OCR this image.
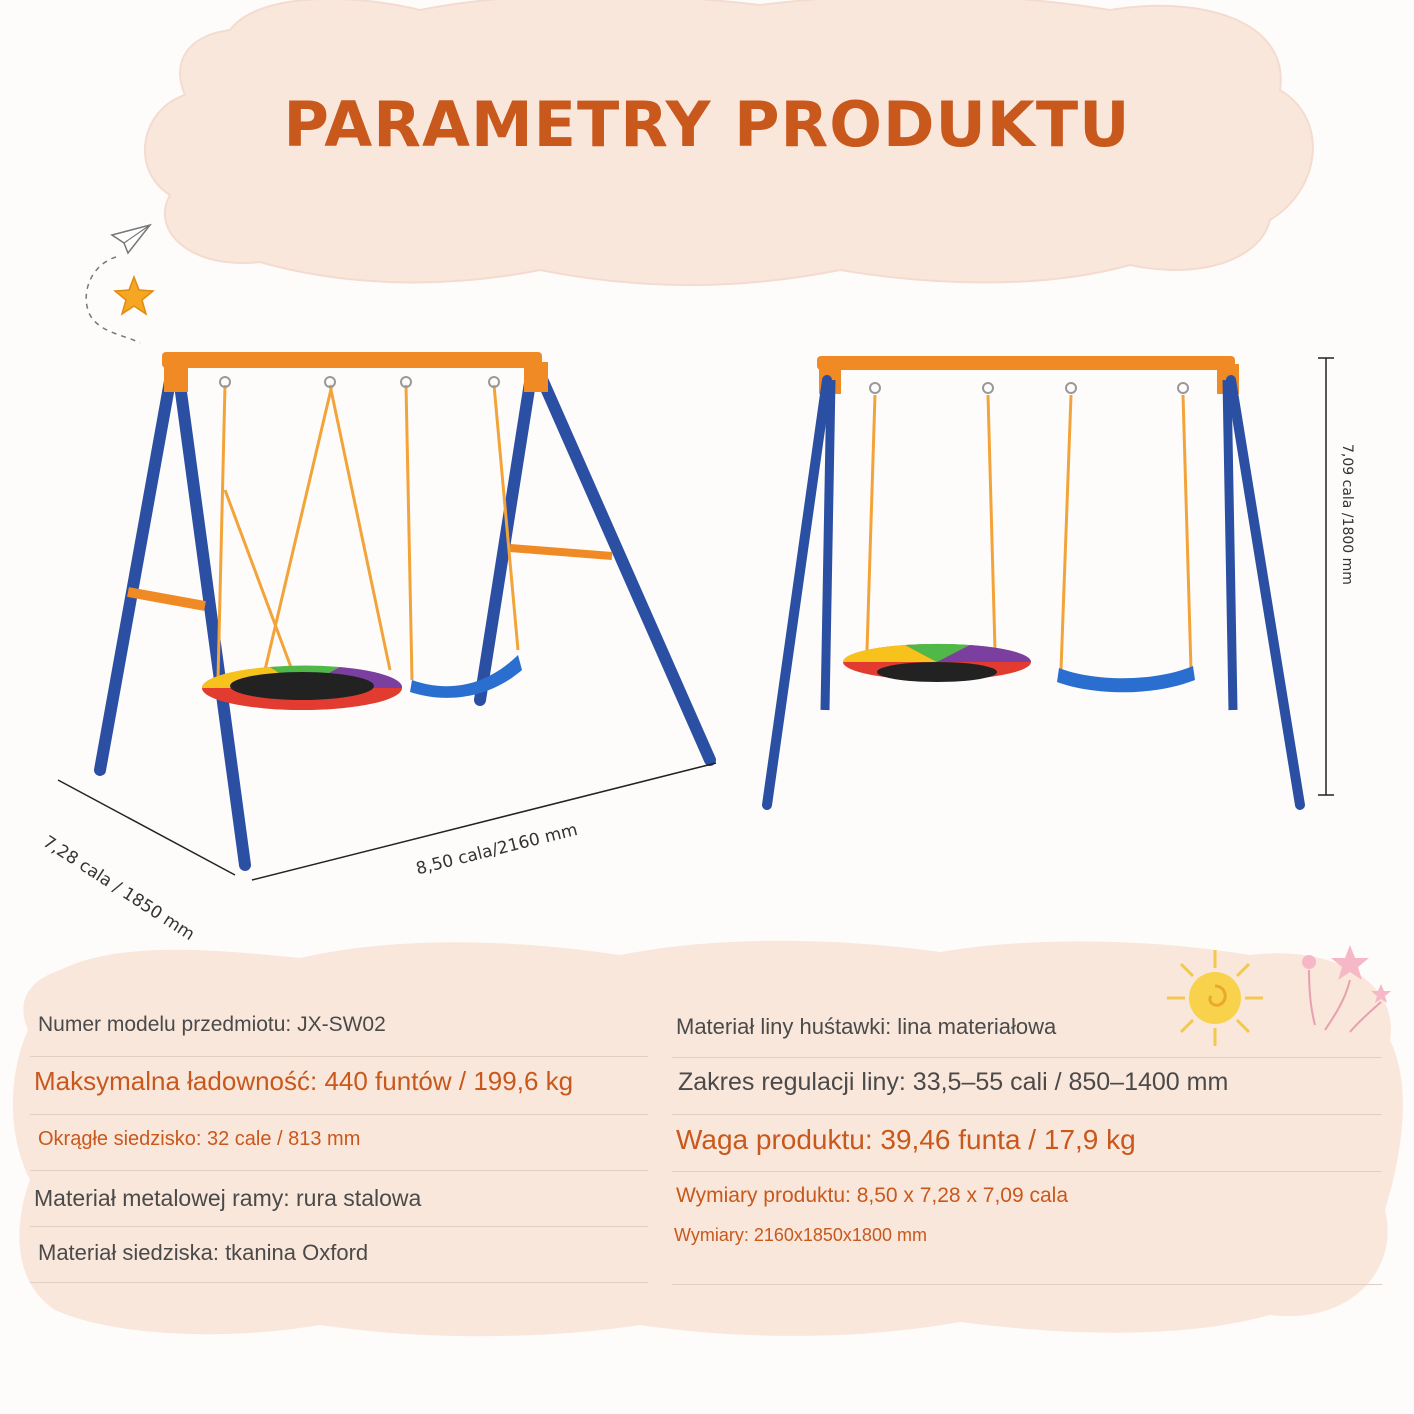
PARAMETRY PRODUKTU
7,28 cala / 1850 mm	8,50 cala/2160 mm
7,09 cala /1800 mm
Numer modelu przedmiotu: JX-SW02
Maksymalna ładowność: 440 funtów / 199,6 kg
Okrągłe siedzisko: 32 cale / 813 mm
Materiał metalowej ramy: rura stalowa
Materiał siedziska: tkanina Oxford
Materiał liny huśtawki: lina materiałowa
Zakres regulacji liny: 33,5–55 cali / 850–1400 mm
Waga produktu: 39,46 funta / 17,9 kg
Wymiary produktu: 8,50 x 7,28 x 7,09 cala
Wymiary: 2160x1850x1800 mm
